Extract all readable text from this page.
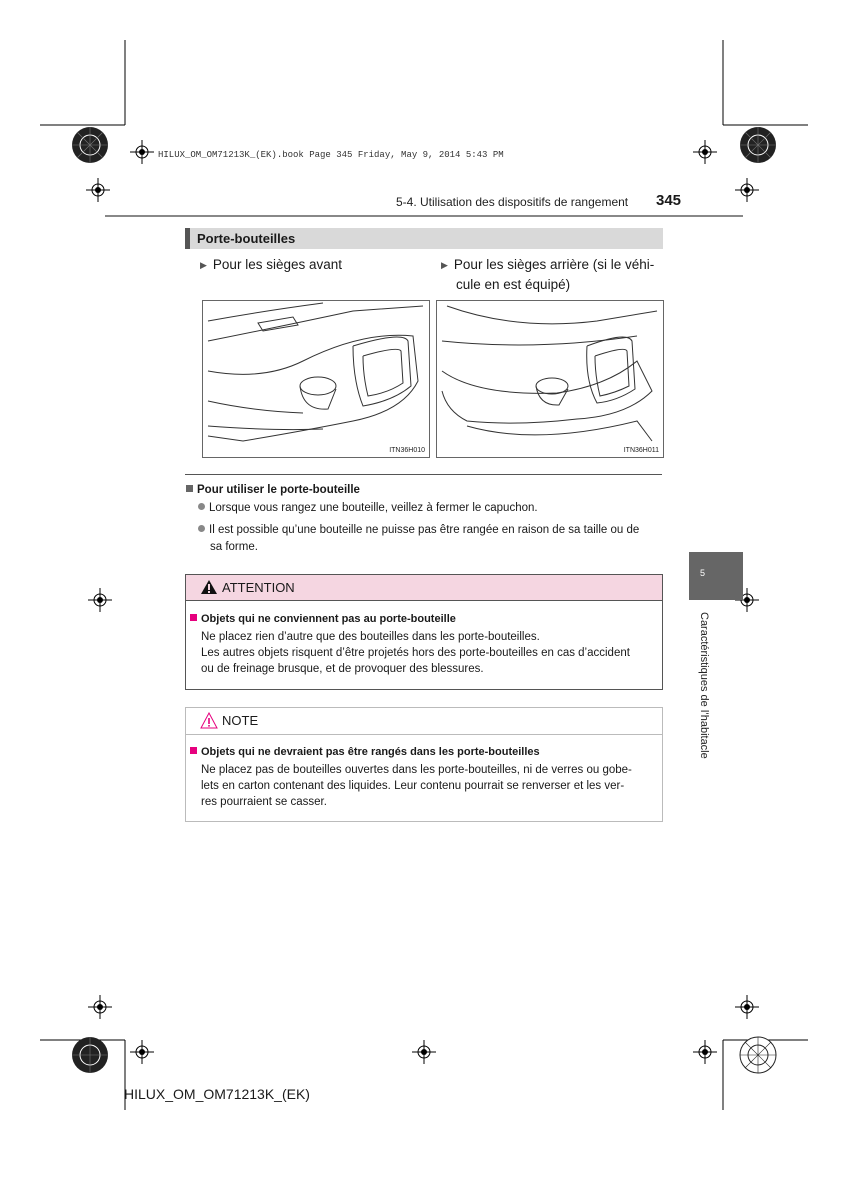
HILUX_OM_OM71213K_(EK).book Page 345 Friday, May 9, 2014 5:43 PM
5-4. Utilisation des dispositifs de rangement 345
Porte-bouteilles
▶ Pour les sièges avant	▶ Pour les sièges arrière (si le véhi-
cule en est équipé)
ITN36H010	ITN36H011
Pour utiliser le porte-bouteille
Lorsque vous rangez une bouteille, veillez à fermer le capuchon.
Il est possible qu’une bouteille ne puisse pas être rangée en raison de sa taille ou de
sa forme.
ATTENTION
Objets qui ne conviennent pas au porte-bouteille
Ne placez rien d’autre que des bouteilles dans les porte-bouteilles.
Les autres objets risquent d’être projetés hors des porte-bouteilles en cas d’accident
ou de freinage brusque, et de provoquer des blessures.
NOTE
Objets qui ne devraient pas être rangés dans les porte-bouteilles
Ne placez pas de bouteilles ouvertes dans les porte-bouteilles, ni de verres ou gobe-
lets en carton contenant des liquides. Leur contenu pourrait se renverser et les ver-
res pourraient se casser.
5
Caractéristiques de l’habitacle
HILUX_OM_OM71213K_(EK)
